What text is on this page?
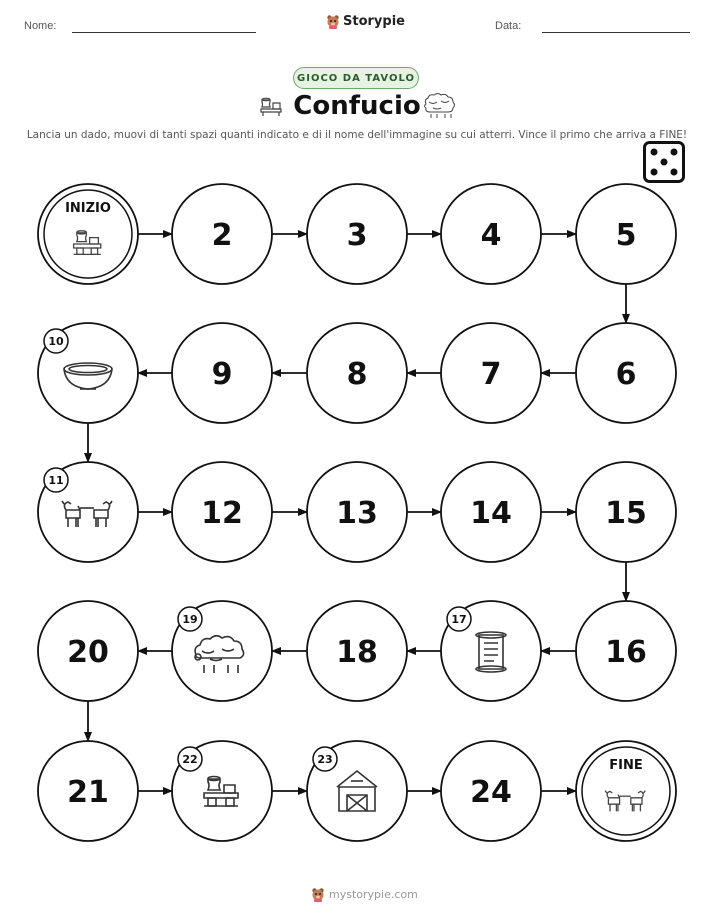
Nome:	Storypie	Data:
GIOCO DA TAVOLO
Confucio
Lancia un dado, muovi di tanti spazi quanti indicato e di il nome dell'immagine su cui atterri. Vince il primo che arriva a FINE!
INIZIO
2	3	4	5
6
7
8
9
10
11
12	13	14	15
16
17
18
19
20
21
22	23
24
FINE
mystorypie.com
